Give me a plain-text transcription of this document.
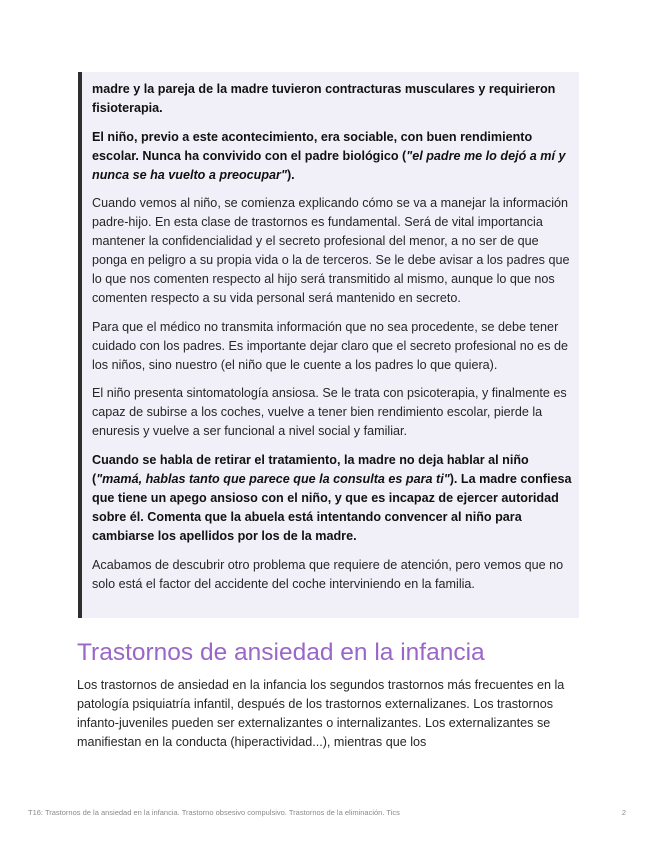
madre y la pareja de la madre tuvieron contracturas musculares y requirieron fisioterapia.

El niño, previo a este acontecimiento, era sociable, con buen rendimiento escolar. Nunca ha convivido con el padre biológico ("el padre me lo dejó a mí y nunca se ha vuelto a preocupar").

Cuando vemos al niño, se comienza explicando cómo se va a manejar la información padre-hijo. En esta clase de trastornos es fundamental. Será de vital importancia mantener la confidencialidad y el secreto profesional del menor, a no ser de que ponga en peligro a su propia vida o la de terceros. Se le debe avisar a los padres que lo que nos comenten respecto al hijo será transmitido al mismo, aunque lo que nos comenten respecto a su vida personal será mantenido en secreto.

Para que el médico no transmita información que no sea procedente, se debe tener cuidado con los padres. Es importante dejar claro que el secreto profesional no es de los niños, sino nuestro (el niño que le cuente a los padres lo que quiera).

El niño presenta sintomatología ansiosa. Se le trata con psicoterapia, y finalmente es capaz de subirse a los coches, vuelve a tener bien rendimiento escolar, pierde la enuresis y vuelve a ser funcional a nivel social y familiar.

Cuando se habla de retirar el tratamiento, la madre no deja hablar al niño ("mamá, hablas tanto que parece que la consulta es para ti"). La madre confiesa que tiene un apego ansioso con el niño, y que es incapaz de ejercer autoridad sobre él. Comenta que la abuela está intentando convencer al niño para cambiarse los apellidos por los de la madre.

Acabamos de descubrir otro problema que requiere de atención, pero vemos que no solo está el factor del accidente del coche interviniendo en la familia.

Trastornos de ansiedad en la infancia

Los trastornos de ansiedad en la infancia los segundos trastornos más frecuentes en la patología psiquiatría infantil, después de los trastornos externalizanes. Los trastornos infanto-juveniles pueden ser externalizantes o internalizantes. Los externalizantes se manifiestan en la conducta (hiperactividad...), mientras que los

T16: Trastornos de la ansiedad en la infancia. Trastorno obsesivo compulsivo. Trastornos de la eliminación. Tics	2
